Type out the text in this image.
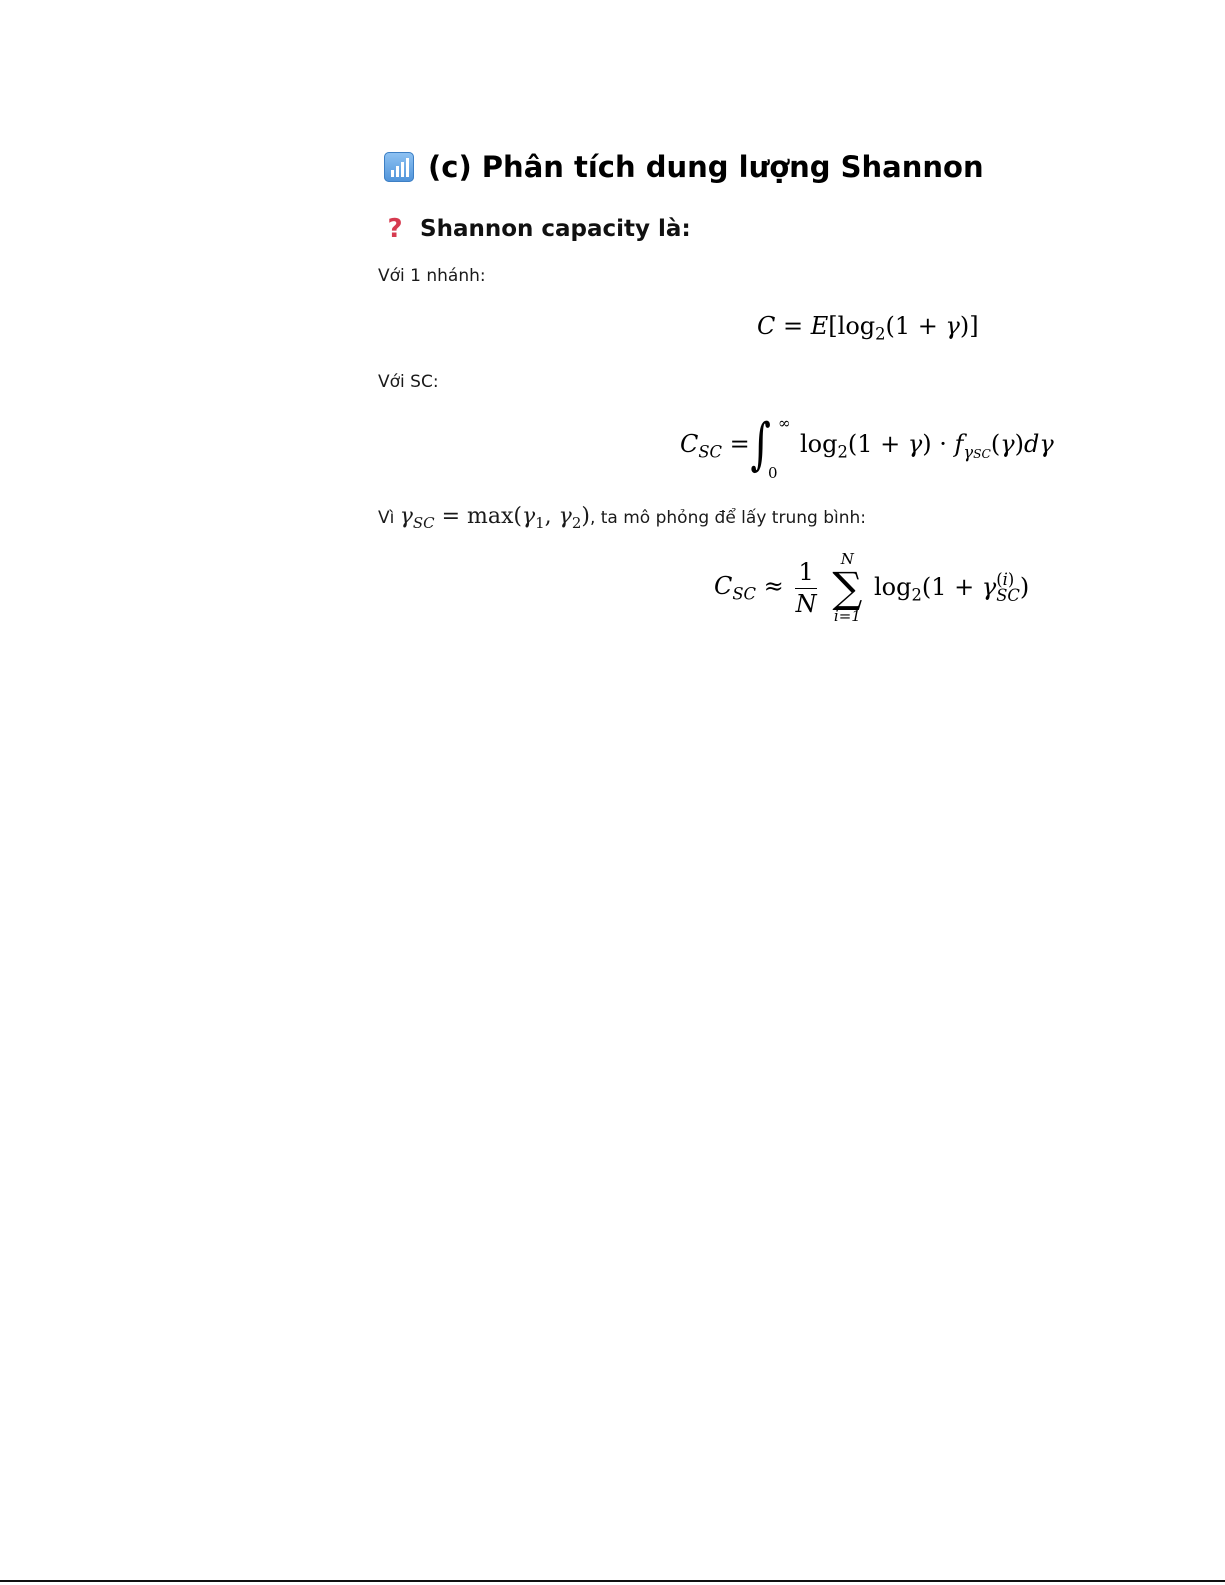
(c) Phân tích dung lượng Shannon
? Shannon capacity là:
Với 1 nhánh:
$C = E[\log_2(1 + \gamma)]$
Với SC:
$C_{SC}$ = ∫ ∞
0
$\log_2(1 + \gamma) \cdot f_{\gamma SC}(\gamma)d\gamma$
Vì $\gamma_{SC} = \max(\gamma_1$, $\gamma_2$), ta mô phỏng để lấy trung bình:
$C_{SC} \approx \frac{1}{N}$

N
∑
i=1
$\log_2(1 + \gamma$ (i)
SC )
